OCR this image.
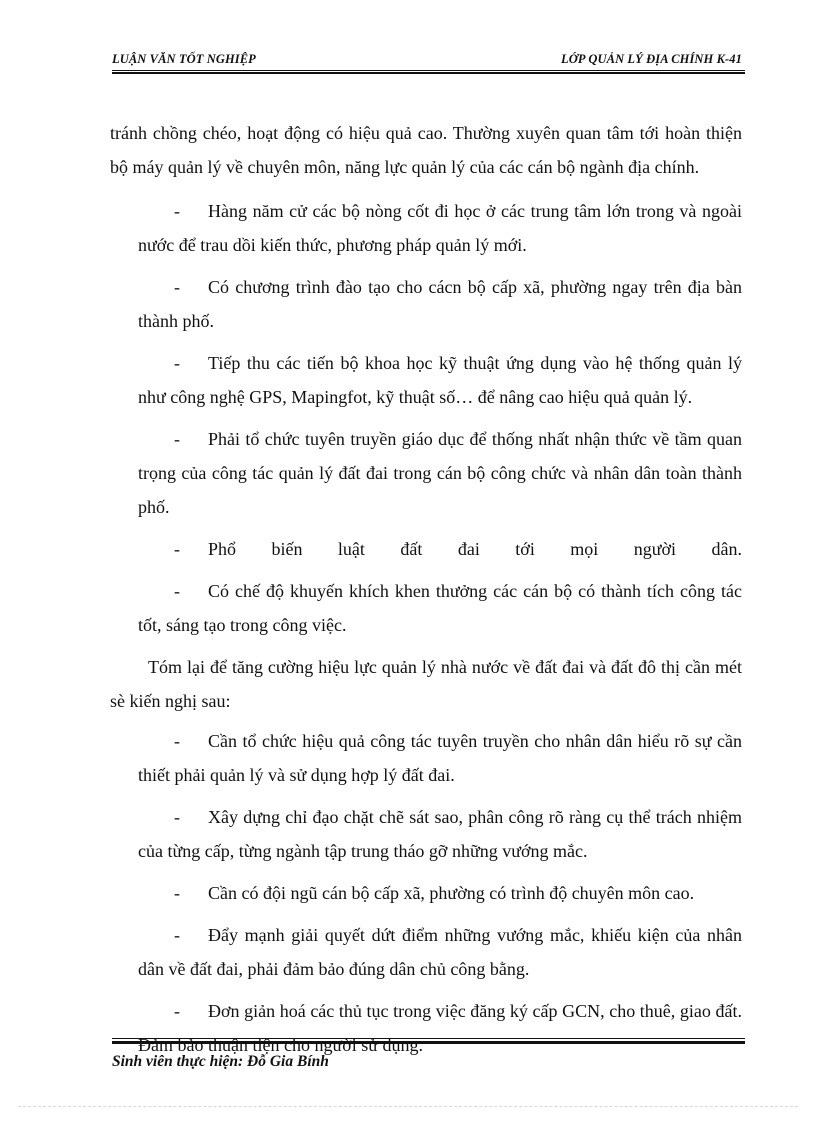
LUẬN VĂN TỐT NGHIỆP	LỚP QUẢN LÝ ĐỊA CHÍNH K-41

tránh chồng chéo, hoạt động có hiệu quả cao. Thường xuyên quan tâm tới hoàn thiện bộ máy quản lý về chuyên môn, năng lực quản lý của các cán bộ ngành địa chính.

- Hàng năm cử các bộ nòng cốt đi học ở các trung tâm lớn trong và ngoài nước để trau dồi kiến thức, phương pháp quản lý mới.

- Có chương trình đào tạo cho cácn bộ cấp xã, phường ngay trên địa bàn thành phố.

- Tiếp thu các tiến bộ khoa học kỹ thuật ứng dụng vào hệ thống quản lý như công nghệ GPS, Mapingfot, kỹ thuật số… để nâng cao hiệu quả quản lý.

- Phải tổ chức tuyên truyền giáo dục để thống nhất nhận thức về tầm quan trọng của công tác quản lý đất đai trong cán bộ công chức và nhân dân toàn thành phố.

- Phổ biến luật đất đai tới mọi người dân.

- Có chế độ khuyến khích khen thưởng các cán bộ có thành tích công tác tốt, sáng tạo trong công việc.

Tóm lại để tăng cường hiệu lực quản lý nhà nước về đất đai và đất đô thị cần mét sè kiến nghị sau:

- Cần tổ chức hiệu quả công tác tuyên truyền cho nhân dân hiểu rõ sự cần thiết phải quản lý và sử dụng hợp lý đất đai.

- Xây dựng chỉ đạo chặt chẽ sát sao, phân công rõ ràng cụ thể trách nhiệm của từng cấp, từng ngành tập trung tháo gỡ những vướng mắc.

- Cần có đội ngũ cán bộ cấp xã, phường có trình độ chuyên môn cao.

- Đẩy mạnh giải quyết dứt điểm những vướng mắc, khiếu kiện của nhân dân về đất đai, phải đảm bảo đúng dân chủ công bằng.

- Đơn giản hoá các thủ tục trong việc đăng ký cấp GCN, cho thuê, giao đất. Đảm bảo thuận tiện cho người sử dụng.

Sinh viên thực hiện: Đỗ Gia Bính
